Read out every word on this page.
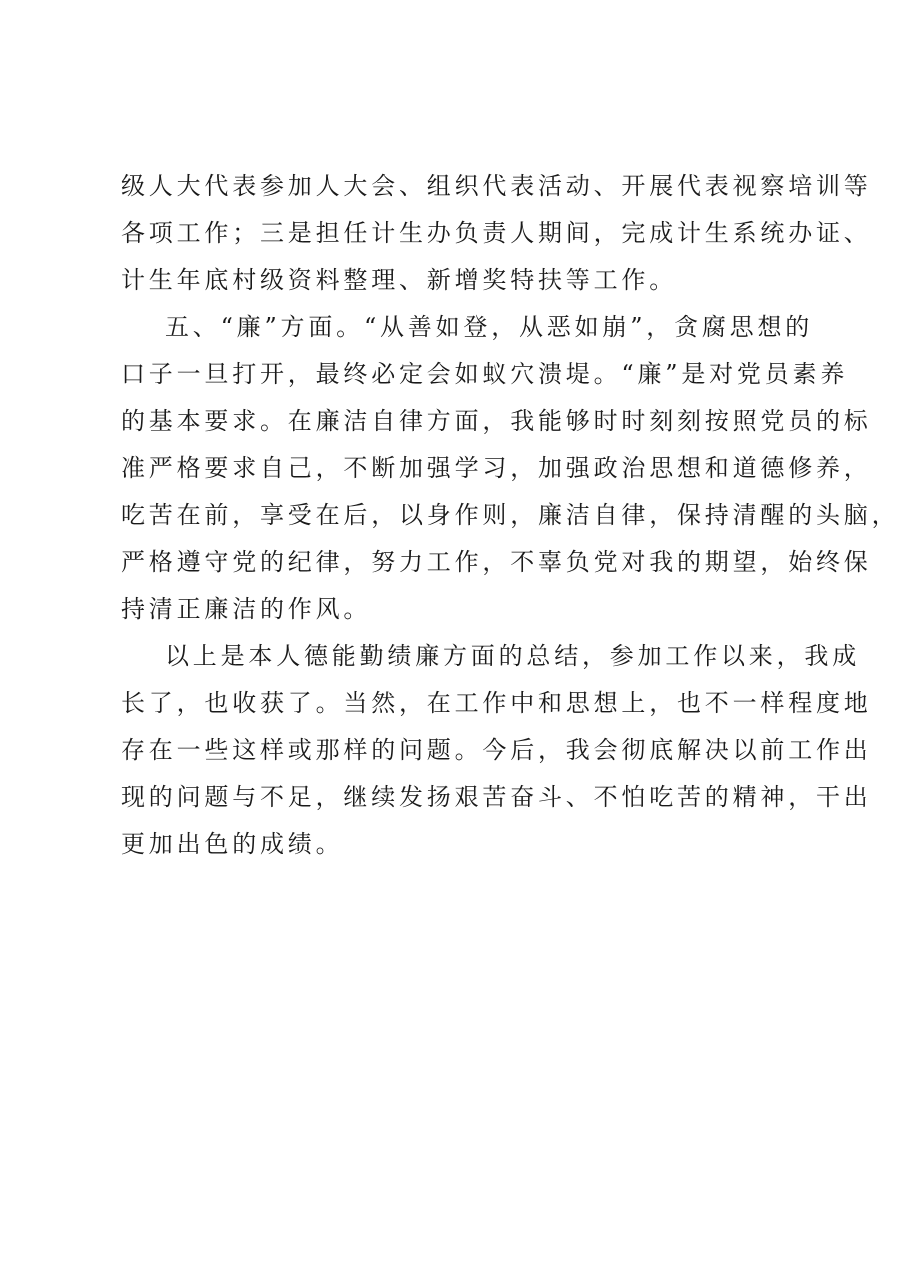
级人大代表参加人大会、组织代表活动、开展代表视察培训等
各项工作；三是担任计生办负责人期间，完成计生系统办证、
计生年底村级资料整理、新增奖特扶等工作。
五、“廉”方面。“从善如登，从恶如崩”，贪腐思想的
口子一旦打开，最终必定会如蚁穴溃堤。“廉”是对党员素养
的基本要求。在廉洁自律方面，我能够时时刻刻按照党员的标
准严格要求自己，不断加强学习，加强政治思想和道德修养，
吃苦在前，享受在后，以身作则，廉洁自律，保持清醒的头脑，
严格遵守党的纪律，努力工作，不辜负党对我的期望，始终保
持清正廉洁的作风。
以上是本人德能勤绩廉方面的总结，参加工作以来，我成
长了，也收获了。当然，在工作中和思想上，也不一样程度地
存在一些这样或那样的问题。今后，我会彻底解决以前工作出
现的问题与不足，继续发扬艰苦奋斗、不怕吃苦的精神，干出
更加出色的成绩。
